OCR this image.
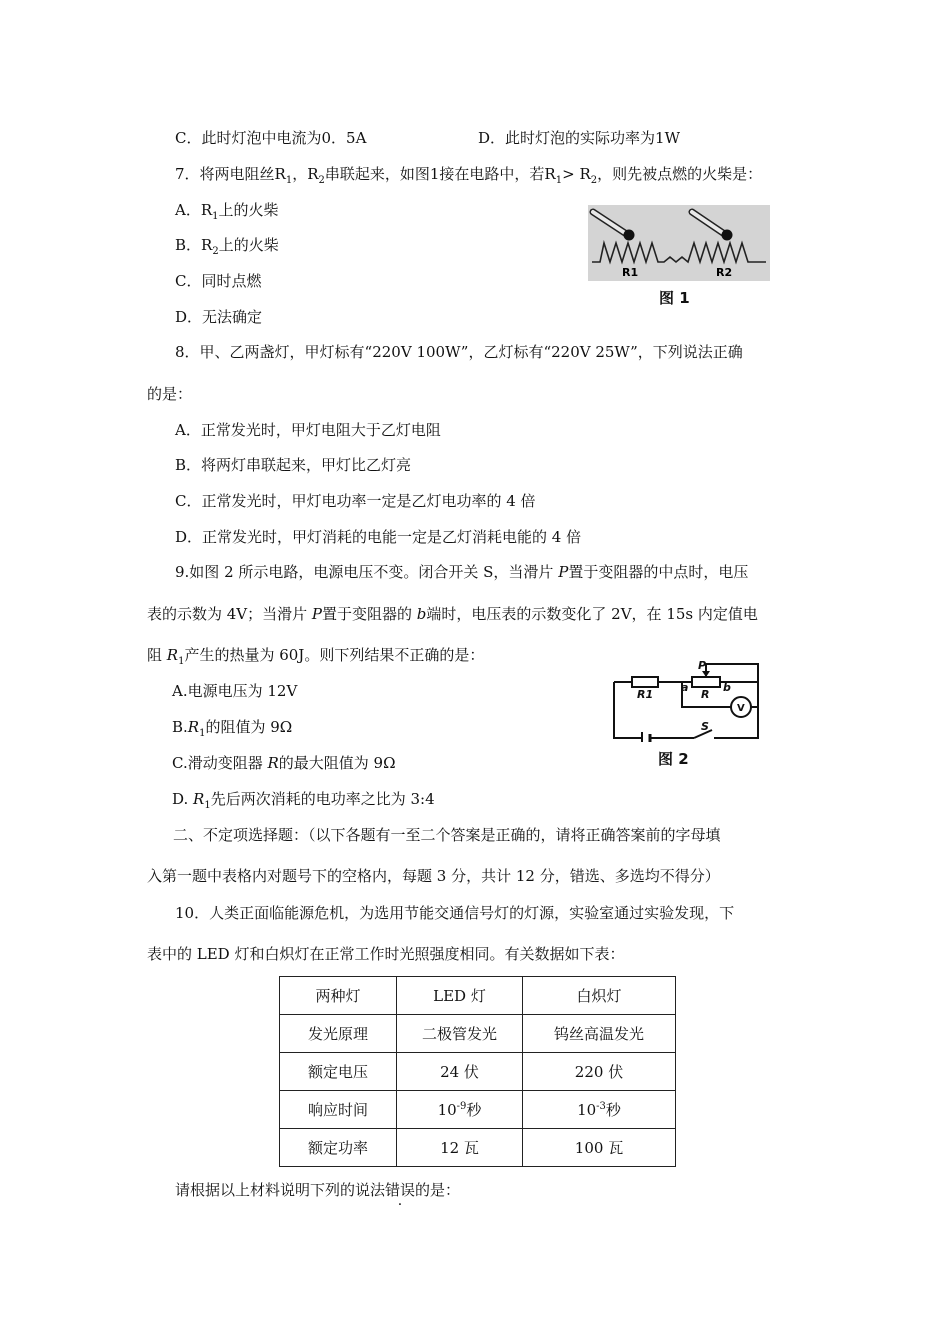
C．此时灯泡中电流为0．5A	D．此时灯泡的实际功率为1W
7．将两电阻丝$R_1$，$R_2$串联起来，如图1接在电路中，若$R_1> R_2$，则先被点燃的火柴是：
A．$R_1$上的火柴
B．$R_2$上的火柴
C．同时点燃
D．无法确定
R1	R2
图 1
8．甲、乙两盏灯，甲灯标有“220V 100W”，乙灯标有“220V 25W”，下列说法正确
的是：
A．正常发光时，甲灯电阻大于乙灯电阻
B．将两灯串联起来，甲灯比乙灯亮
C．正常发光时，甲灯电功率一定是乙灯电功率的 4 倍
D．正常发光时，甲灯消耗的电能一定是乙灯消耗电能的 4 倍
9.如图 2 所示电路，电源电压不变。闭合开关 S，当滑片 P置于变阻器的中点时，电压
表的示数为 4V；当滑片 P置于变阻器的 b端时，电压表的示数变化了 2V，在 15s 内定值电
阻 $R_1$产生的热量为 60J。则下列结果不正确的是：
A.电源电压为 12V
$B.R_1$的阻值为 9Ω
C.滑动变阻器 R的最大阻值为 9Ω
D. $R_1$先后两次消耗的电功率之比为 3:4
P
R1
a
R
b
V
S
图 2
二、不定项选择题：（以下各题有一至二个答案是正确的，请将正确答案前的字母填
入第一题中表格内对题号下的空格内，每题 3 分，共计 12 分，错选、多选均不得分）
10．人类正面临能源危机，为选用节能交通信号灯的灯源，实验室通过实验发现，下
表中的 LED 灯和白炽灯在正常工作时光照强度相同。有关数据如下表：
两种灯	LED 灯	白炽灯
发光原理	二极管发光	钨丝高温发光
额定电压	24 伏	220 伏
响应时间	$10^{-9}$秒	$10^{-3}$秒
额定功率	12 瓦	100 瓦
请根据以上材料说明下列的说法错误的是：
